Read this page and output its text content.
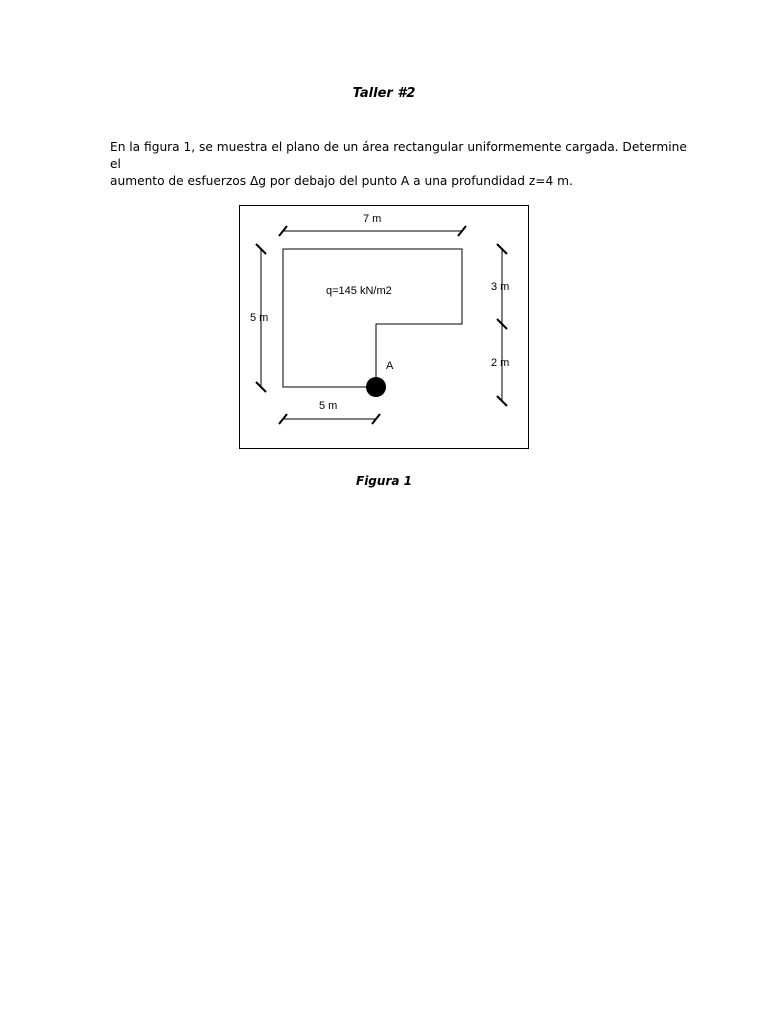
Taller #2
En la figura 1, se muestra el plano de un área rectangular uniformemente cargada. Determine
el
aumento de esfuerzos Δg por debajo del punto A a una profundidad z=4 m.
7 m
5 m
5 m
3 m
2 m
q=145 kN/m2
A

Figura 1
